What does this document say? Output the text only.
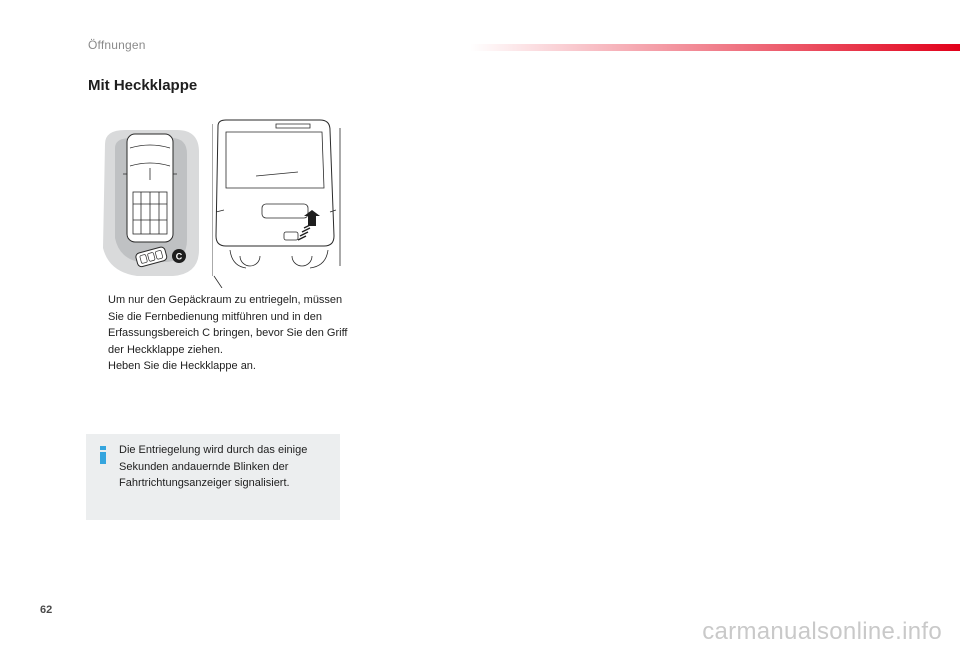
Öffnungen
Mit Heckklappe
C
Um nur den Gepäckraum zu entriegeln, müssen Sie die Fernbedienung mitführen und in den Erfassungsbereich C bringen, bevor Sie den Griff der Heckklappe ziehen.
Heben Sie die Heckklappe an.
Die Entriegelung wird durch das einige Sekunden andauernde Blinken der Fahrtrichtungsanzeiger signalisiert.
62
carmanualsonline.info
